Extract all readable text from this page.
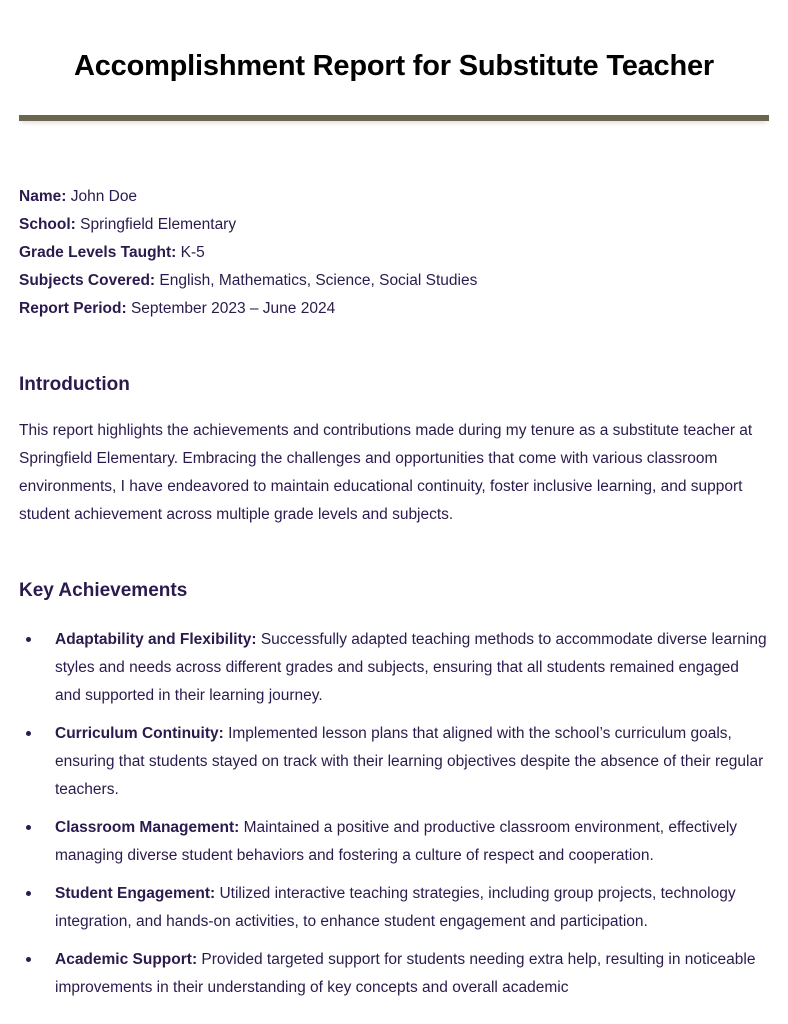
Accomplishment Report for Substitute Teacher
Name: John Doe
School: Springfield Elementary
Grade Levels Taught: K-5
Subjects Covered: English, Mathematics, Science, Social Studies
Report Period: September 2023 – June 2024
Introduction

This report highlights the achievements and contributions made during my tenure as a substitute teacher at Springfield Elementary. Embracing the challenges and opportunities that come with various classroom environments, I have endeavored to maintain educational continuity, foster inclusive learning, and support student achievement across multiple grade levels and subjects.

Key Achievements
Adaptability and Flexibility: Successfully adapted teaching methods to accommodate diverse learning styles and needs across different grades and subjects, ensuring that all students remained engaged and supported in their learning journey.
Curriculum Continuity: Implemented lesson plans that aligned with the school’s curriculum goals, ensuring that students stayed on track with their learning objectives despite the absence of their regular teachers.
Classroom Management: Maintained a positive and productive classroom environment, effectively managing diverse student behaviors and fostering a culture of respect and cooperation.
Student Engagement: Utilized interactive teaching strategies, including group projects, technology integration, and hands-on activities, to enhance student engagement and participation.
Academic Support: Provided targeted support for students needing extra help, resulting in noticeable improvements in their understanding of key concepts and overall academic
